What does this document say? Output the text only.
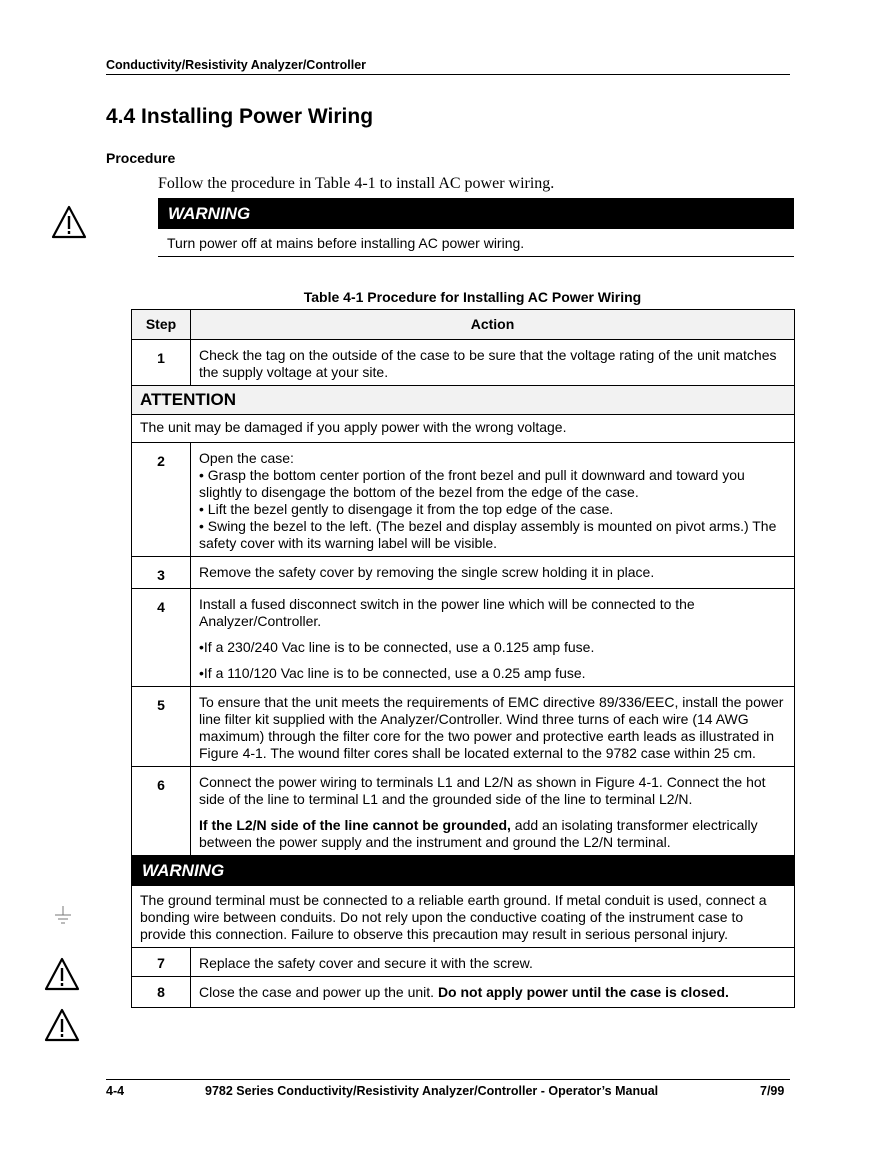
Conductivity/Resistivity Analyzer/Controller
4.4 Installing Power Wiring
Procedure
Follow the procedure in Table 4-1 to install AC power wiring.
WARNING
Turn power off at mains before installing AC power wiring.
Table 4-1 Procedure for Installing AC Power Wiring
Step	Action
1	Check the tag on the outside of the case to be sure that the voltage rating of the unit matches the supply voltage at your site.

ATTENTION	
The unit may be damaged if you apply power with the wrong voltage.	
2	Open the case:
• Grasp the bottom center portion of the front bezel and pull it downward and toward you slightly to disengage the bottom of the bezel from the edge of the case.
• Lift the bezel gently to disengage it from the top edge of the case.
• Swing the bezel to the left. (The bezel and display assembly is mounted on pivot arms.) The safety cover with its warning label will be visible.

3	Remove the safety cover by removing the single screw holding it in place.

4	Install a fused disconnect switch in the power line which will be connected to the Analyzer/Controller.
•If a 230/240 Vac line is to be connected, use a 0.125 amp fuse.
•If a 110/120 Vac line is to be connected, use a 0.25 amp fuse.

5	To ensure that the unit meets the requirements of EMC directive 89/336/EEC, install the power line filter kit supplied with the Analyzer/Controller. Wind three turns of each wire (14 AWG maximum) through the filter core for the two power and protective earth leads as illustrated in Figure 4-1. The wound filter cores shall be located external to the 9782 case within 25 cm.

6	Connect the power wiring to terminals L1 and L2/N as shown in Figure 4-1. Connect the hot side of the line to terminal L1 and the grounded side of the line to terminal L2/N.
If the L2/N side of the line cannot be grounded, add an isolating transformer electrically between the power supply and the instrument and ground the L2/N terminal.

WARNING	
The ground terminal must be connected to a reliable earth ground. If metal conduit is used, connect a bonding wire between conduits. Do not rely upon the conductive coating of the instrument case to provide this connection. Failure to observe this precaution may result in serious personal injury.	
7	Replace the safety cover and secure it with the screw.

8	Close the case and power up the unit. Do not apply power until the case is closed.
4-4	9782 Series Conductivity/Resistivity Analyzer/Controller - Operator’s Manual	7/99
